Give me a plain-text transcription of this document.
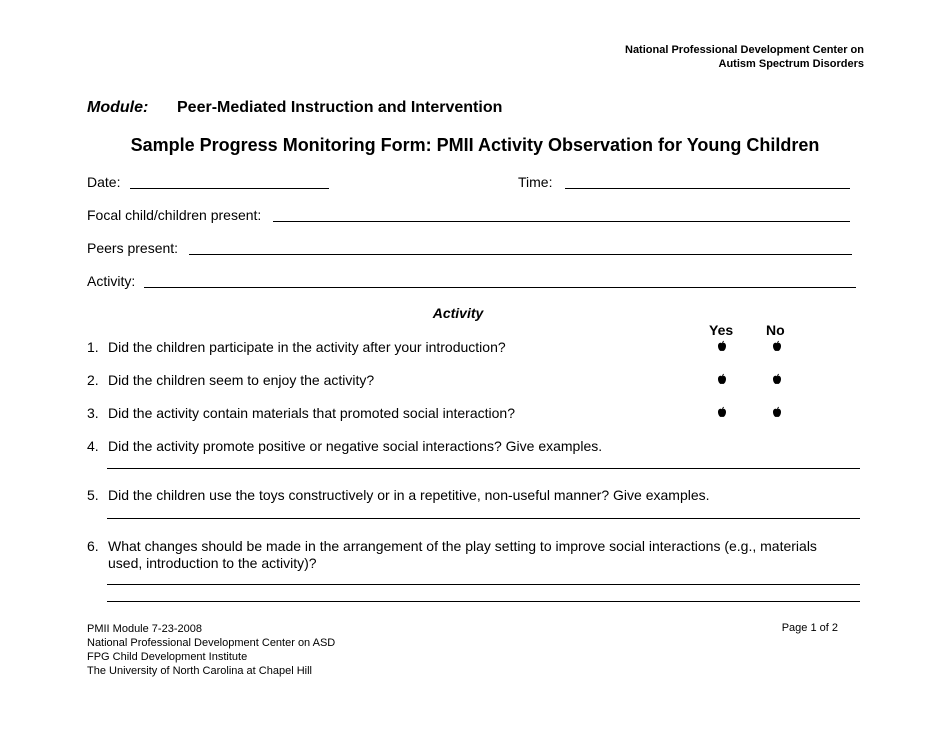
National Professional Development Center on
Autism Spectrum Disorders
Module: Peer-Mediated Instruction and Intervention
Sample Progress Monitoring Form: PMII Activity Observation for Young Children
Date:	Time:
Focal child/children present:
Peers present:
Activity:
Activity
Yes No
1. Did the children participate in the activity after your introduction?
2. Did the children seem to enjoy the activity?
3. Did the activity contain materials that promoted social interaction?
4. Did the activity promote positive or negative social interactions? Give examples.
5. Did the children use the toys constructively or in a repetitive, non-useful manner? Give examples.
6. What changes should be made in the arrangement of the play setting to improve social interactions (e.g., materials
used, introduction to the activity)?
PMII Module 7-23-2008
National Professional Development Center on ASD
FPG Child Development Institute
The University of North Carolina at Chapel Hill
Page 1 of 2
